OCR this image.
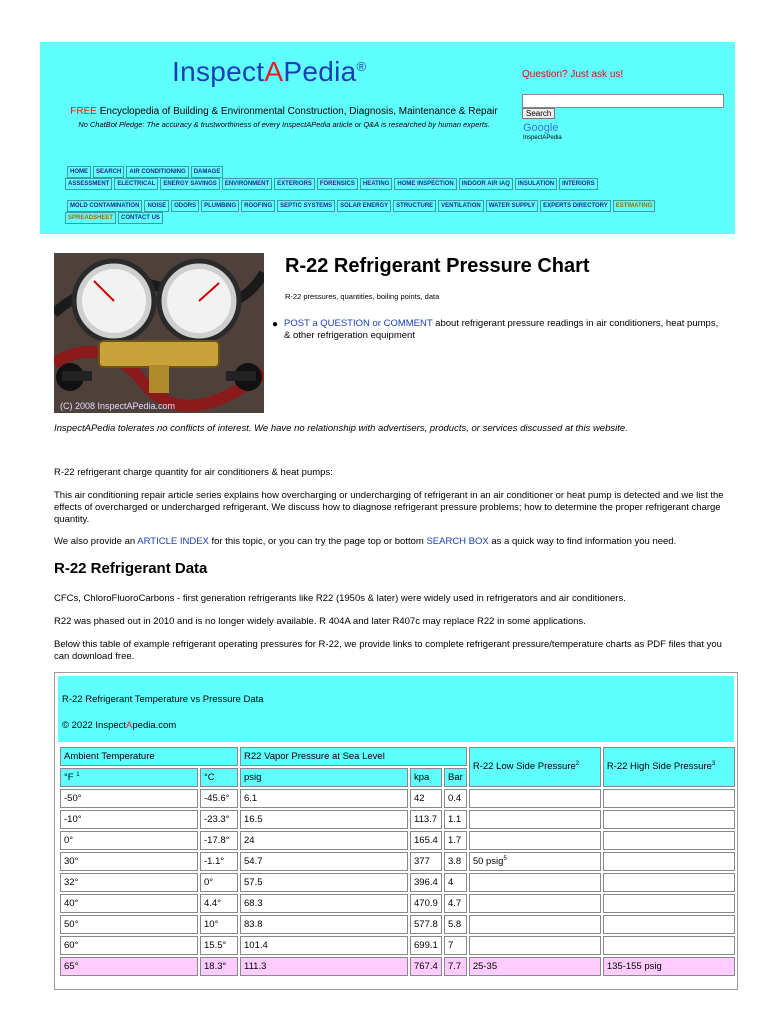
InspectAPedia®
FREE Encyclopedia of Building & Environmental Construction, Diagnosis, Maintenance & Repair
No ChatBot Pledge: The accuracy & trustworthiness of every InspectAPedia article or Q&A is researched by human experts.
Question? Just ask us!
Search
Google
InspectAPedia
HOME	SEARCH	AIR CONDITIONING	DAMAGE
ASSESSMENT	ELECTRICAL	ENERGY SAVINGS	ENVIRONMENT	EXTERIORS	FORENSICS	HEATING	HOME INSPECTION	INDOOR AIR IAQ	INSULATION	INTERIORS
MOLD CONTAMINATION	NOISE	ODORS	PLUMBING	ROOFING	SEPTIC SYSTEMS	SOLAR ENERGY	STRUCTURE	VENTILATION	WATER SUPPLY	EXPERTS DIRECTORY	ESTIMATING
SPREADSHEET	CONTACT US
(C) 2008 InspectAPedia.com
R-22 Refrigerant Pressure Chart
R-22 pressures, quantities, boiling points, data
● POST a QUESTION or COMMENT about refrigerant pressure readings in air conditioners, heat pumps, & other refrigeration equipment
InspectAPedia tolerates no conflicts of interest. We have no relationship with advertisers, products, or services discussed at this website.
R-22 refrigerant charge quantity for air conditioners & heat pumps:
This air conditioning repair article series explains how overcharging or undercharging of refrigerant in an air conditioner or heat pump is detected and we list the effects of overcharged or undercharged refrigerant. We discuss how to diagnose refrigerant pressure problems; how to determine the proper refrigerant charge quantity.
We also provide an ARTICLE INDEX for this topic, or you can try the page top or bottom SEARCH BOX as a quick way to find information you need.
R-22 Refrigerant Data
CFCs, ChloroFluoroCarbons - first generation refrigerants like R22 (1950s & later) were widely used in refrigerators and air conditioners.
R22 was phased out in 2010 and is no longer widely available. R 404A and later R407c may replace R22 in some applications.
Below this table of example refrigerant operating pressures for R-22, we provide links to complete refrigerant pressure/temperature charts as PDF files that you can download free.
R-22 Refrigerant Temperature vs Pressure Data
© 2022 InspectApedia.com
Ambient Temperature		R22 Vapor Pressure at Sea Level			R-22 Low Side Pressure$^2$	R-22 High Side Pressure$^3$
°F $^1$	°C	psig	kpa	Bar		
-50°	-45.6°	6.1	42	0.4		
-10°	-23.3°	16.5	113.7	1.1		
0°	-17.8°	24	165.4	1.7		
30°	-1.1°	54.7	377	3.8	50 psig$^5$	
32°	0°	57.5	396.4	4		
40°	4.4°	68.3	470.9	4.7		
50°	10°	83.8	577.8	5.8		
60°	15.5°	101.4	699.1	7		
65°	18.3°	111.3	767.4	7.7	25-35	135-155 psig
